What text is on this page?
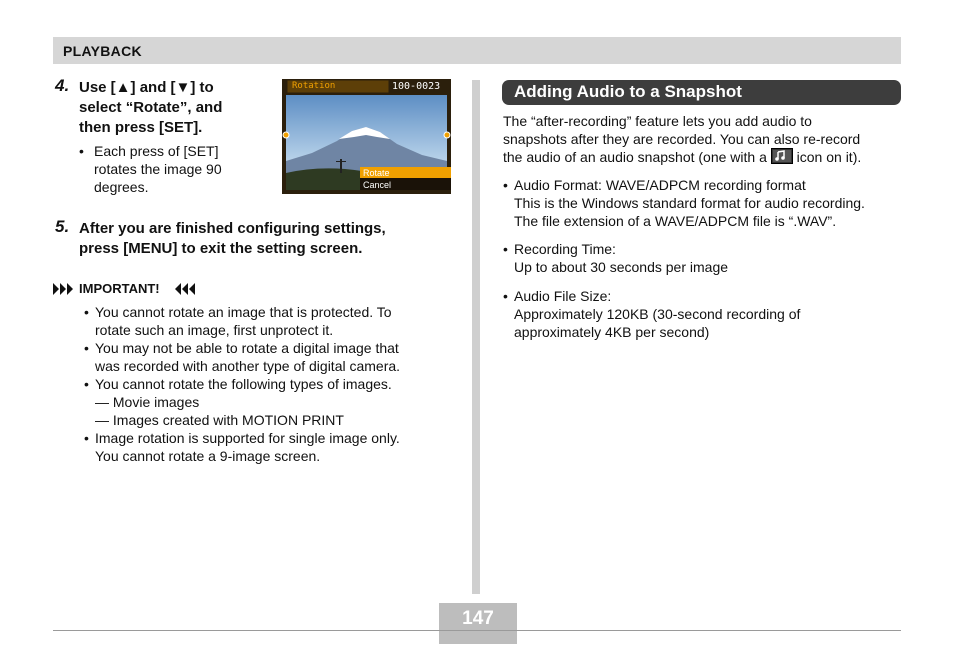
PLAYBACK
4. Use [▲] and [▼] to
select “Rotate”, and
then press [SET].
• Each press of [SET]
rotates the image 90
degrees.
Rotation	100-0023
Rotate
Cancel
5. After you are finished configuring settings,
press [MENU] to exit the setting screen.
IMPORTANT!
• You cannot rotate an image that is protected. To
rotate such an image, first unprotect it.
• You may not be able to rotate a digital image that
was recorded with another type of digital camera.
• You cannot rotate the following types of images.
— Movie images
— Images created with MOTION PRINT
• Image rotation is supported for single image only.
You cannot rotate a 9-image screen.
Adding Audio to a Snapshot
The “after-recording” feature lets you add audio to
snapshots after they are recorded. You can also re-record
the audio of an audio snapshot (one with a icon on it).
• Audio Format: WAVE/ADPCM recording format
This is the Windows standard format for audio recording.
The file extension of a WAVE/ADPCM file is “.WAV”.
• Recording Time:
Up to about 30 seconds per image
• Audio File Size:
Approximately 120KB (30-second recording of
approximately 4KB per second)
147
